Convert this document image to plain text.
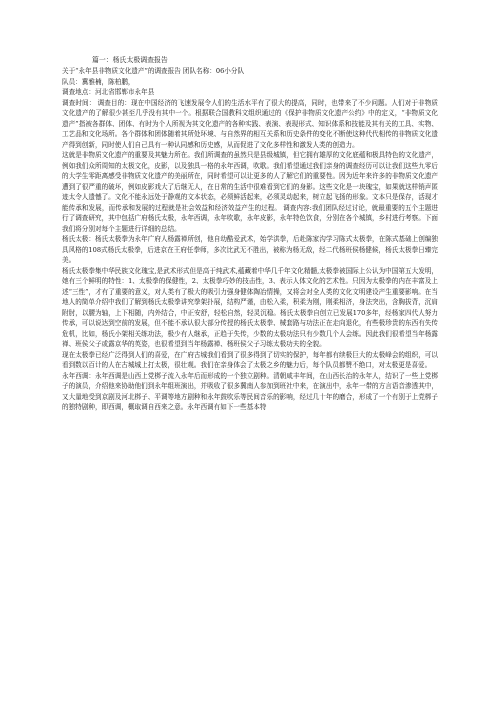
篇一：杨氏太极调查报告

关于“永年县非物质文化遗产”的调查报告 团队名称：06小分队

队员：冀雅楠，陈柏鹏，

调查地点：河北省邯郸市永年县

调查时间： 调查目的：现在中国经济的飞速发展令人们的生活水平有了很大的提高，同时，也带来了不少问题。人们对于非物质文化遗产的了解很少甚至几乎没有其中一个。根据联合国教科文组织通过的《保护非物质文化遗产公约》中的定义，“非物质文化遗产”指被各群体、团体、有时为个人所视为其文化遗产的各种实践、表演、表现形式、知识体系和技能及其有关的工具、实物、工艺品和文化场所。各个群体和团体随着其所处环境、与自然界的相互关系和历史条件的变化不断使这种代代相传的非物质文化遗产得到创新，同时使人们自己具有一种认同感和历史感，从而促进了文化多样性和激发人类的创造力。

这就是非物质文化遗产的重要及其魅力所在。我们所调查的虽然只是县级城镇，但它拥有雄厚的文化底蕴和极具特色的文化遗产，例如我们众所周知的太极文化，皮影，以及独具一格的永年西调，吹歌。我们希望通过我们亲身的调查经历可以让我们这些九零后的大学生零距离感受非物质文化遗产的美丽所在，同时希望可以让更多的人了解它们的重要性。因为近年来许多的非物质文化遗产遭到了很严重的破坏，例如皮影戏大了后继无人，在日常的生活中很难看到它们的身影。这些文化是一块瑰宝，如果就这样销声匿迹太令人遗憾了。文化不能永远处于静观的文本状态，必须鲜活起来，必须灵动起来，树立起飞扬的形象。文本只是保存，活现才能传承和发展，而传承和发展的过程就是社会效益和经济效益产生的过程。 调查内容:我们团队经过讨论，就最重要的五个主题进行了调查研究，其中包括广府杨氏太极，永年西调，永年吹歌，永年皮影，永年特色饮食，分别在各个城镇，乡村进行考察。下面我们将分别对每个主题进行详细的总结。

杨氏太极：杨氏太极拳为永年广府人杨露禅所创，他自幼酷爱武术，始学洪拳，后赴陈家沟学习陈式太极拳，在陈式基础上创编独具风格的108式杨氏太极拳，后进京在王府任拳师，多次比武无不胜出，被称为杨无敌，经二代杨班侯杨健候，杨氏太极拳日臻完美。

杨氏太极拳集中华民族文化瑰宝,是武术形式但是高于纯武术,蕴藏着中华几千年文化精髓,太极拳被国际上公认为中国第五大发明，她有三个鲜明的特性：1、太极拳的保健性，2、太极拳巧妙的技击性，3、表示人体文化的艺术性。只因为太极拳的内在丰富及上述“三性”，才有了重要的意义，对人类有了极大的吸引力强身健体陶冶情操，又将会对全人类的文化文明建设产生重要影响。在当地人的简单介绍中我们了解到杨氏太极拳讲究拳架扑展，结构严谨，由松入柔，积柔为刚，刚柔相济，身法突出，含胸拔背，沉肩附肘，以腰为轴，上下相随，内外结合，中正安舒，轻松自然，轻灵沉稳。杨氏太极拳自创立已发展170多年，经杨家四代人努力传承，可以说达到空前的发展，但不能不承认很大部分传授的杨氏太极拳、械套路与功法正在走向退化，有些极珍贵的东西有失传危机，比如，杨氏小架相关练功法，极少有人继承，正趋于失传，少数的太极功法只有少数几个人会练。因此我们很希望当年杨露禅、班侯父子或露京华的英姿，也很希望到当年杨露禅、杨班侯父子习练太极功夫的全貌。

现在太极拳已经广泛得到人们的喜爱，在广府古城我们看到了很多得到了切实的保护，每年都有续极巨大的太极峰会的组织，可以看到数以百计的人在古城城上打太极，很壮观。我们在亲身体会了太极之乡的魅力后，每个队员都赞不绝口，对太极更是喜爱。

永年西调：永年西调是山西上党梆子流入永年后而形成的一个独立剧种。清朝咸丰年间，在山西长治的永年人，结识了一些上党梆子的演员，介绍他来协助他们到永年组班演出，并吸收了很多冀南人参加到班社中来，在演出中，永年一带的方言语音渗透其中，又大量地受到京剧及河北梆子、平调等地方剧种和永年鼓吹乐等民间音乐的影响，经过几十年的磨合，形成了一个有别于上党梆子的独特剧种，即西调，概取调自西来之意。永年西调有如下一些基本特
